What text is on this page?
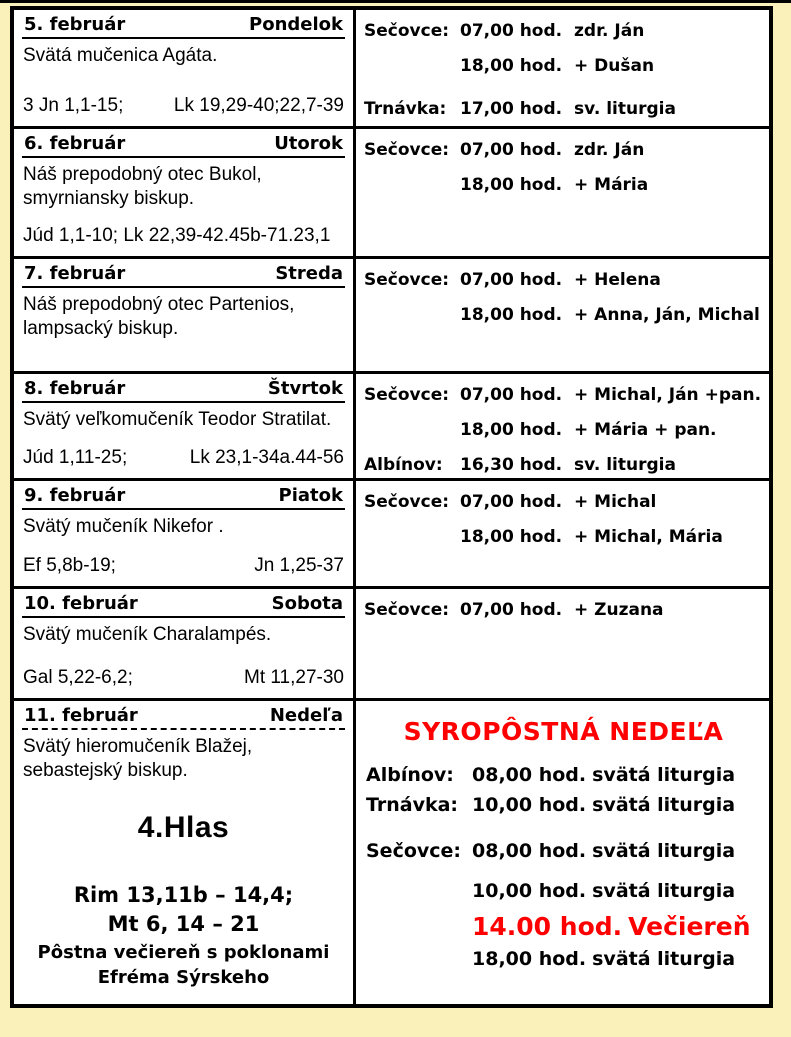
5. február	Pondelok
Svätá mučenica Agáta.
3 Jn 1,1-15;	Lk 19,29-40;22,7-39
Sečovce: 07,00 hod. zdr. Ján
18,00 hod. + Dušan
Trnávka: 17,00 hod. sv. liturgia
6. február	Utorok
Náš prepodobný otec Bukol, smyrniansky biskup.
Júd 1,1-10; Lk 22,39-42.45b-71.23,1
Sečovce: 07,00 hod. zdr. Ján
18,00 hod. + Mária
7. február	Streda
Náš prepodobný otec Partenios, lampsacký biskup.
Sečovce: 07,00 hod. + Helena
18,00 hod. + Anna, Ján, Michal
8. február	Štvrtok
Svätý veľkomučeník Teodor Stratilat.
Júd 1,11-25;	Lk 23,1-34a.44-56
Sečovce: 07,00 hod. + Michal, Ján +pan.
18,00 hod. + Mária + pan.
Albínov:	16,30 hod. sv. liturgia
9. február	Piatok
Svätý mučeník Nikefor .
Ef 5,8b-19;	Jn 1,25-37
Sečovce: 07,00 hod. + Michal
18,00 hod. + Michal, Mária
10. február	Sobota
Svätý mučeník Charalampés.
Gal 5,22-6,2;	Mt 11,27-30
Sečovce: 07,00 hod. + Zuzana
11. február	Nedeľa
Svätý hieromučeník Blažej, sebastejský biskup.
4.Hlas
Rim 13,11b – 14,4;
Mt 6, 14 – 21
Pôstna večiereň s poklonami
Efréma Sýrskeho
SYROPÔSTNÁ NEDEĽA
Albínov: 08,00 hod. svätá liturgia
Trnávka: 10,00 hod. svätá liturgia
Sečovce: 08,00 hod. svätá liturgia
10,00 hod. svätá liturgia
14.00 hod. Večiereň
18,00 hod. svätá liturgia
